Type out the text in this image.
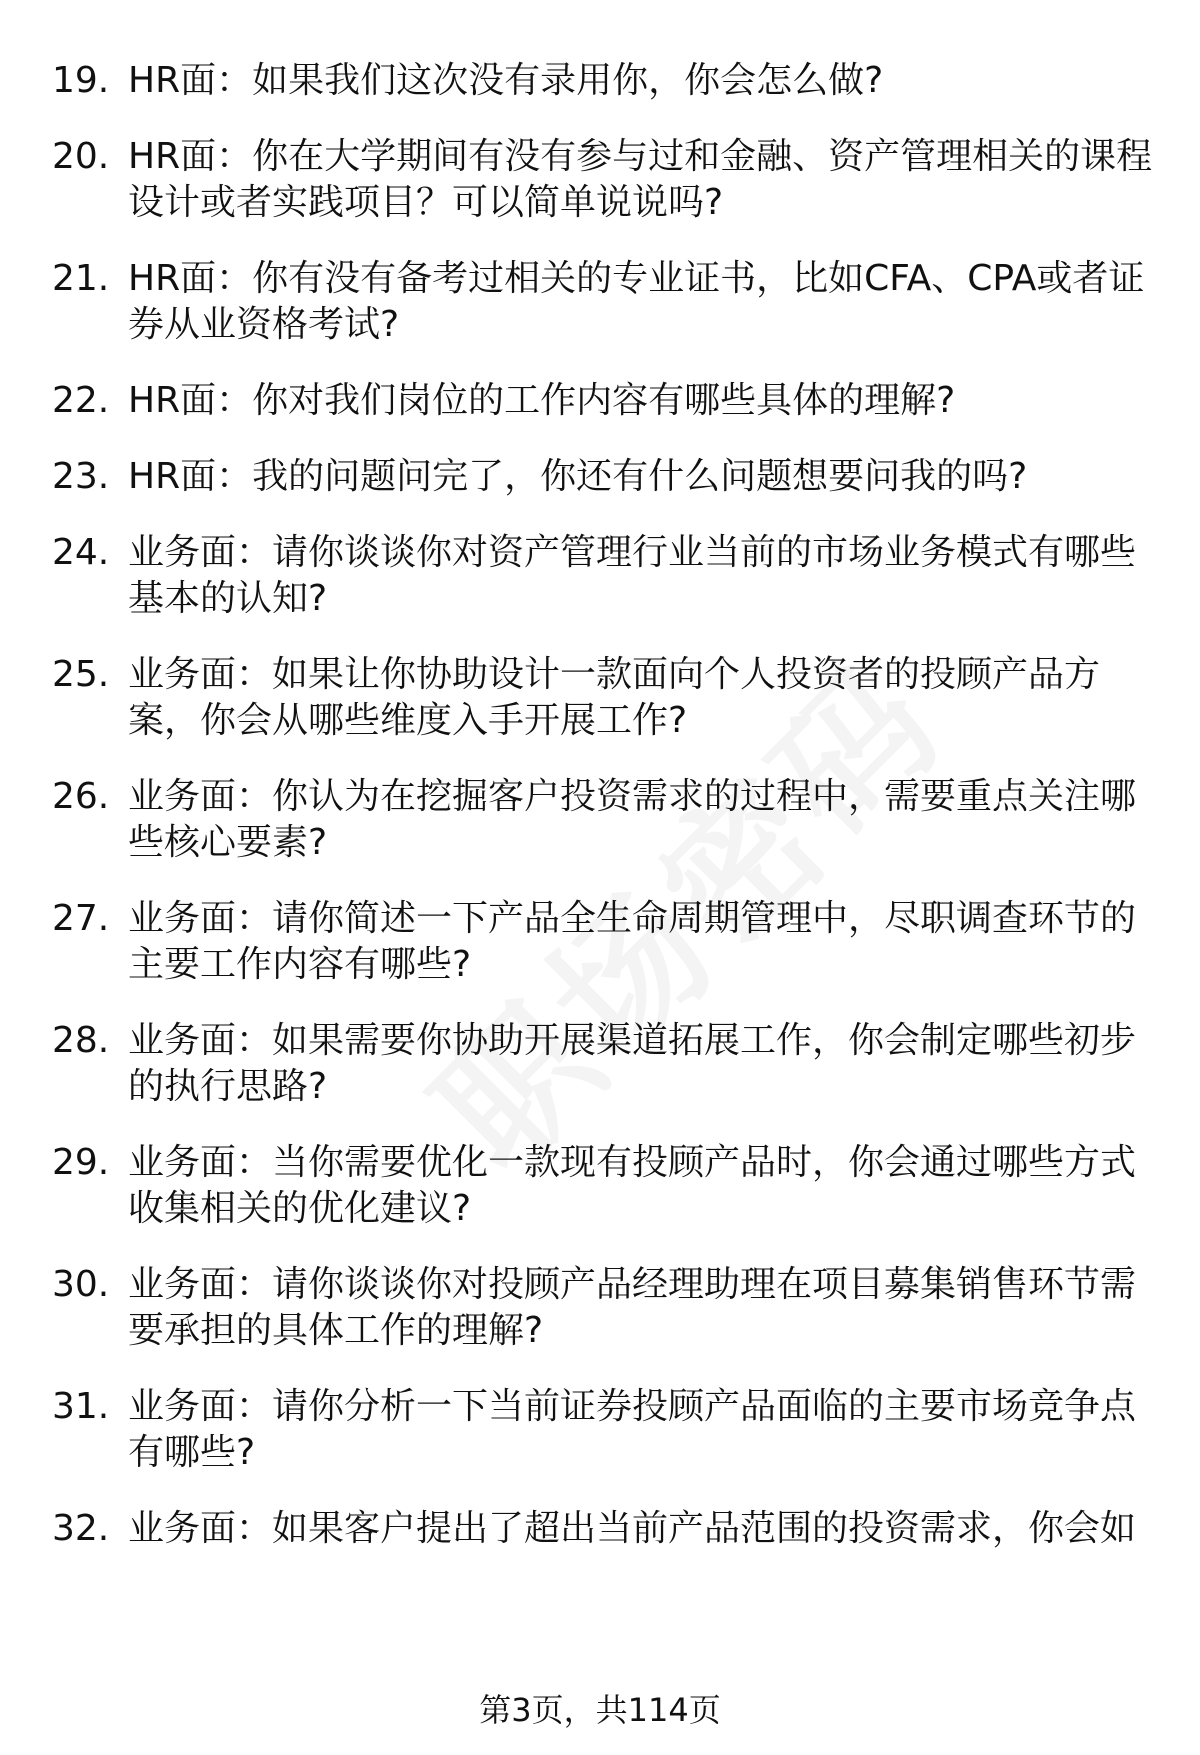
19. HR面：如果我们这次没有录用你，你会怎么做?
20. HR面：你在大学期间有没有参与过和金融、资产管理相关的课程设计或者实践项目？可以简单说说吗?
21. HR面：你有没有备考过相关的专业证书，比如CFA、CPA或者证券从业资格考试?
22. HR面：你对我们岗位的工作内容有哪些具体的理解?
23. HR面：我的问题问完了，你还有什么问题想要问我的吗?
24. 业务面：请你谈谈你对资产管理行业当前的市场业务模式有哪些基本的认知?
25. 业务面：如果让你协助设计一款面向个人投资者的投顾产品方案，你会从哪些维度入手开展工作?
26. 业务面：你认为在挖掘客户投资需求的过程中，需要重点关注哪些核心要素?
27. 业务面：请你简述一下产品全生命周期管理中，尽职调查环节的主要工作内容有哪些?
28. 业务面：如果需要你协助开展渠道拓展工作，你会制定哪些初步的执行思路?
29. 业务面：当你需要优化一款现有投顾产品时，你会通过哪些方式收集相关的优化建议?
30. 业务面：请你谈谈你对投顾产品经理助理在项目募集销售环节需要承担的具体工作的理解?
31. 业务面：请你分析一下当前证券投顾产品面临的主要市场竞争点有哪些?
32. 业务面：如果客户提出了超出当前产品范围的投资需求，你会如
第3页，共114页
